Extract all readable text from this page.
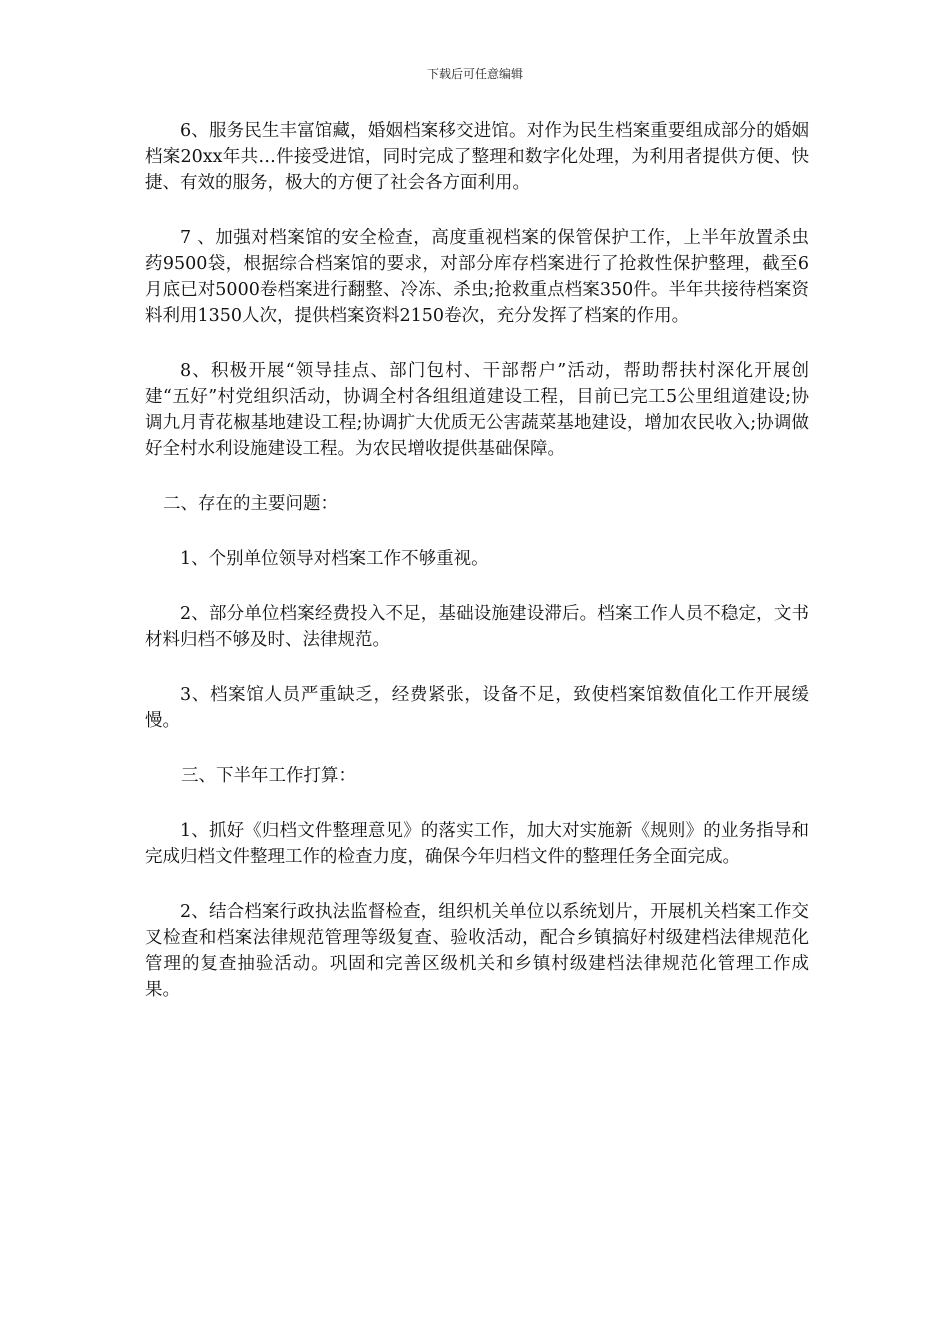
下载后可任意编辑

6、服务民生丰富馆藏，婚姻档案移交进馆。对作为民生档案重要组成部分的婚姻档案20xx年共…件接受进馆，同时完成了整理和数字化处理，为利用者提供方便、快捷、有效的服务，极大的方便了社会各方面利用。

7 、加强对档案馆的安全检查，高度重视档案的保管保护工作，上半年放置杀虫药9500袋，根据综合档案馆的要求，对部分库存档案进行了抢救性保护整理，截至6月底已对5000卷档案进行翻整、冷冻、杀虫;抢救重点档案350件。半年共接待档案资料利用1350人次，提供档案资料2150卷次，充分发挥了档案的作用。

8、积极开展“领导挂点、部门包村、干部帮户”活动，帮助帮扶村深化开展创建“五好”村党组织活动，协调全村各组组道建设工程，目前已完工5公里组道建设;协调九月青花椒基地建设工程;协调扩大优质无公害蔬菜基地建设，增加农民收入;协调做好全村水利设施建设工程。为农民增收提供基础保障。

二、存在的主要问题：

1、个别单位领导对档案工作不够重视。

2、部分单位档案经费投入不足，基础设施建设滞后。档案工作人员不稳定，文书材料归档不够及时、法律规范。

3、档案馆人员严重缺乏，经费紧张，设备不足，致使档案馆数值化工作开展缓慢。

三、下半年工作打算：

1、抓好《归档文件整理意见》的落实工作，加大对实施新《规则》的业务指导和完成归档文件整理工作的检查力度，确保今年归档文件的整理任务全面完成。

2、结合档案行政执法监督检查，组织机关单位以系统划片，开展机关档案工作交叉检查和档案法律规范管理等级复查、验收活动，配合乡镇搞好村级建档法律规范化管理的复查抽验活动。巩固和完善区级机关和乡镇村级建档法律规范化管理工作成果。
